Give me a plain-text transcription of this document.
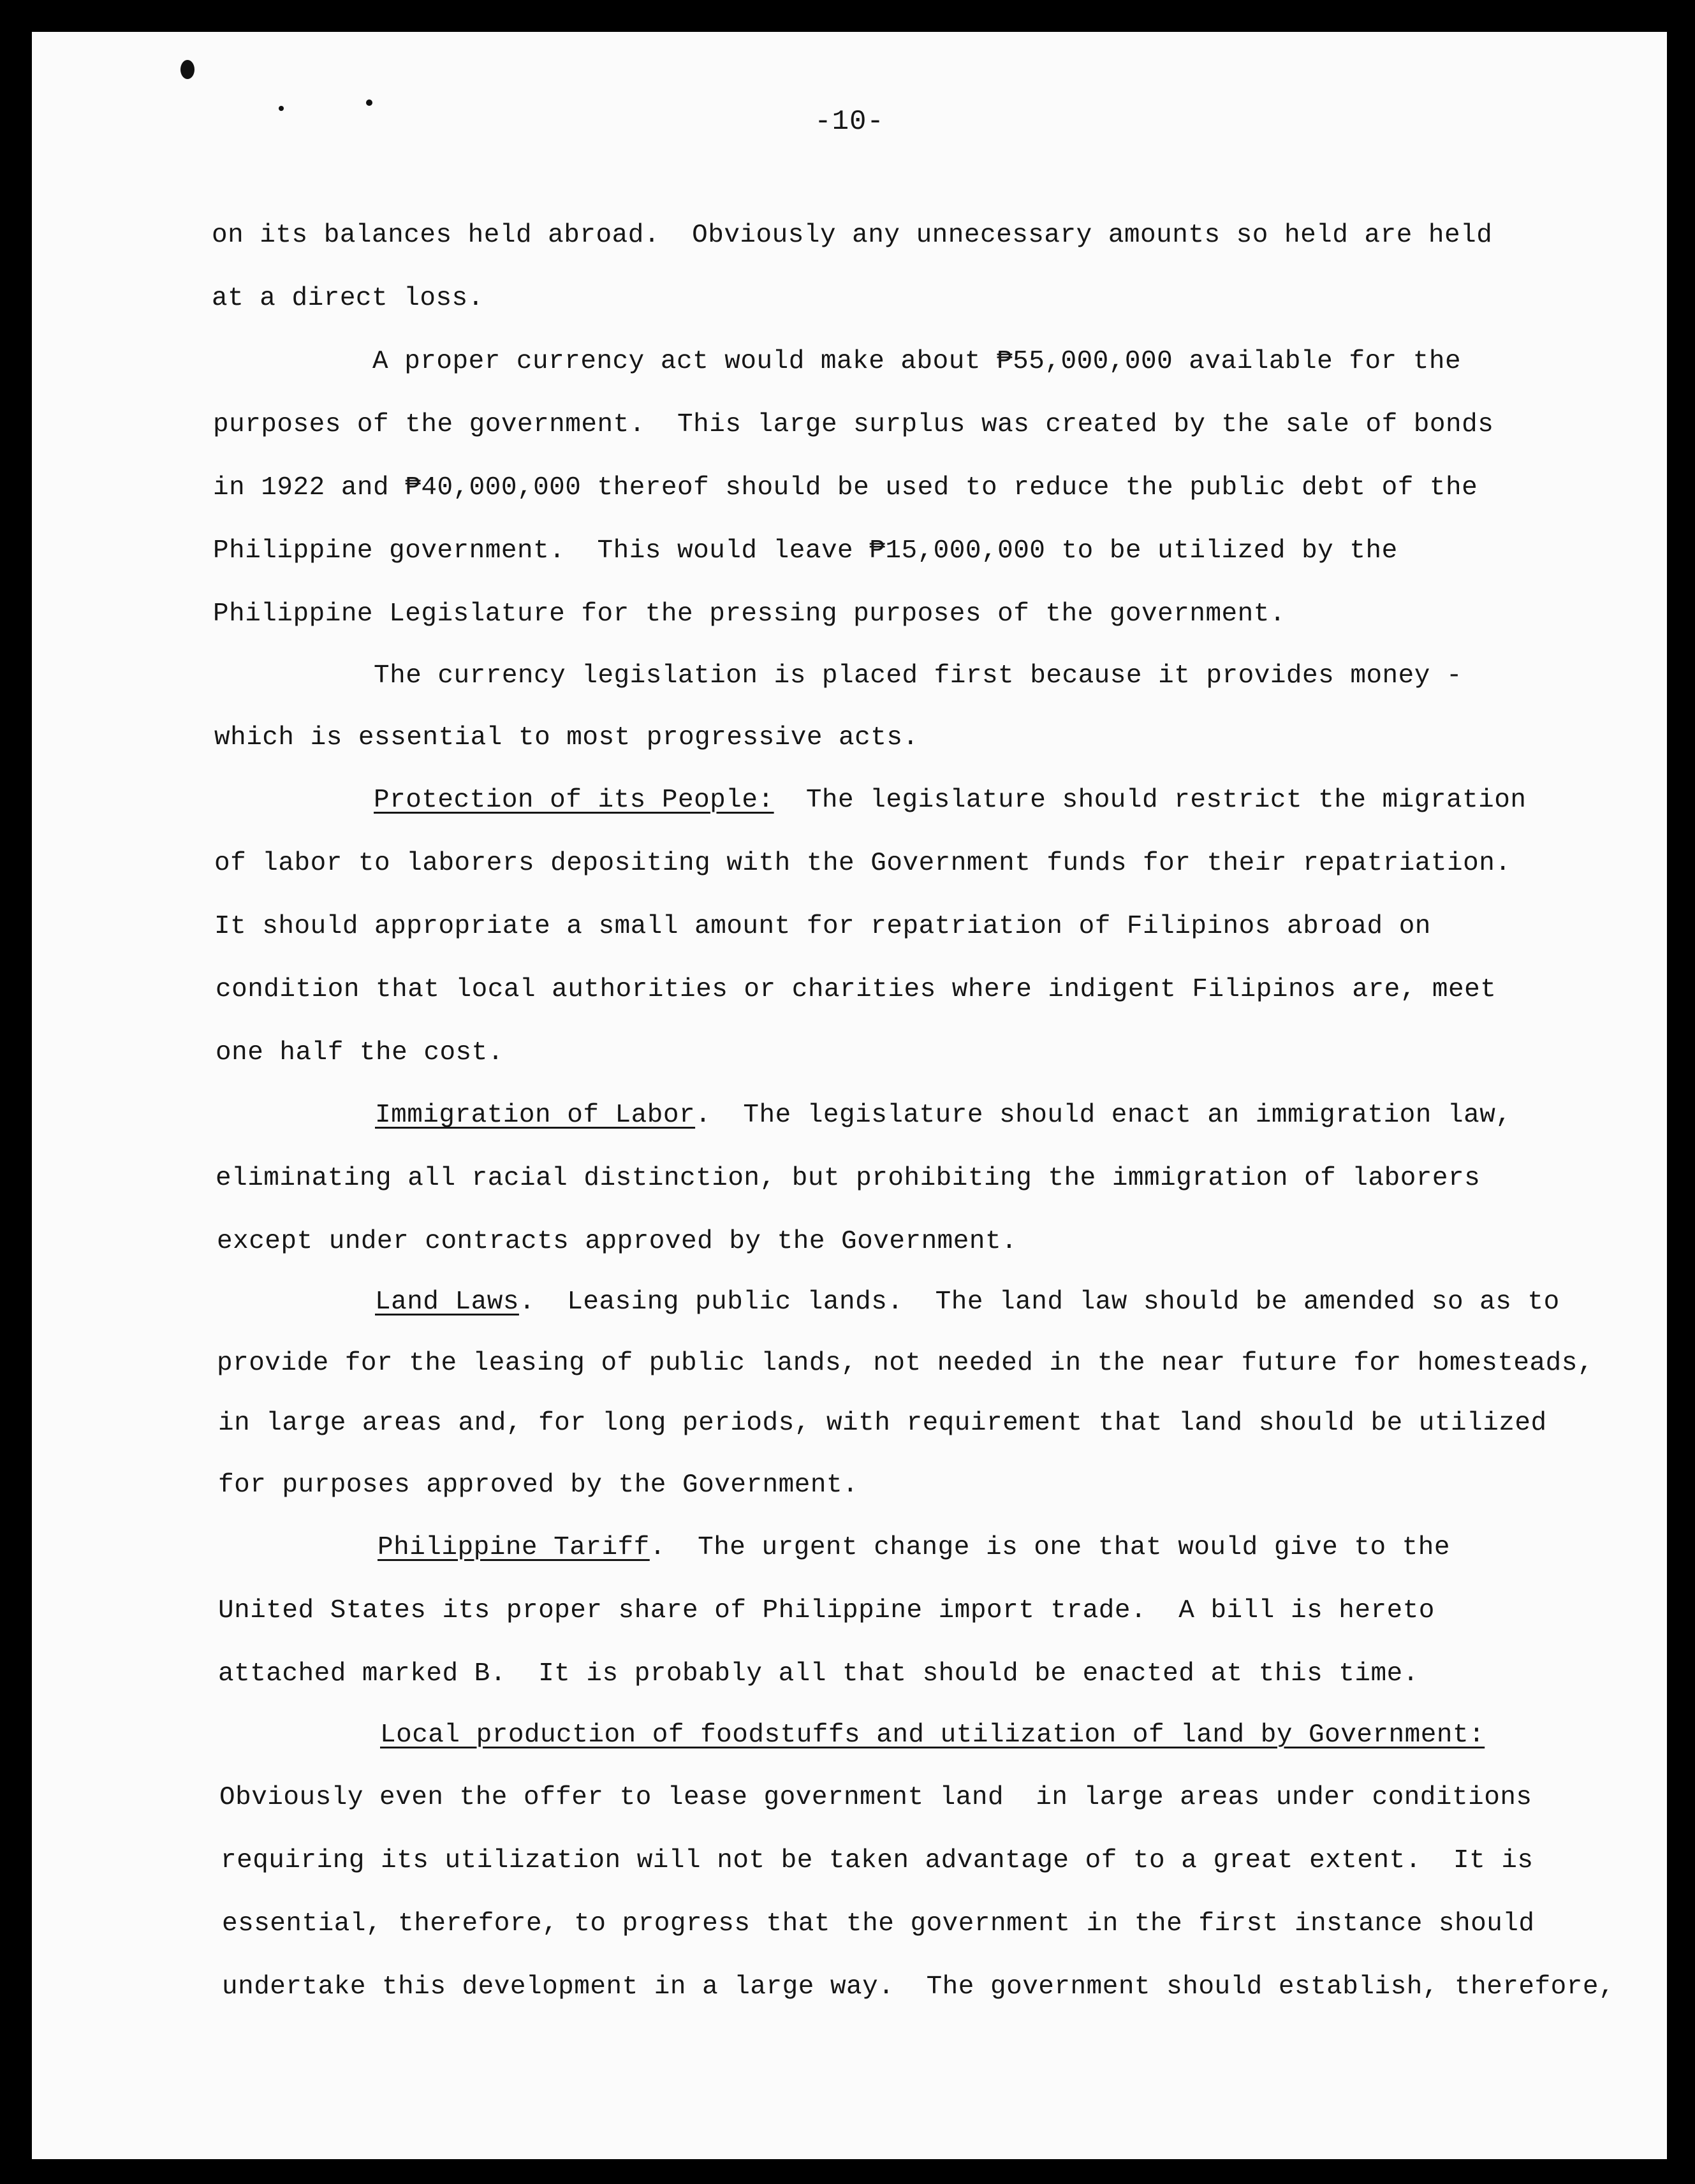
-10-
on its balances held abroad.  Obviously any unnecessary amounts so held are held
at a direct loss.
A proper currency act would make about ₱55,000,000 available for the
purposes of the government.  This large surplus was created by the sale of bonds
in 1922 and ₱40,000,000 thereof should be used to reduce the public debt of the
Philippine government.  This would leave ₱15,000,000 to be utilized by the
Philippine Legislature for the pressing purposes of the government.
The currency legislation is placed first because it provides money -
which is essential to most progressive acts.
Protection of its People:  The legislature should restrict the migration
of labor to laborers depositing with the Government funds for their repatriation.
It should appropriate a small amount for repatriation of Filipinos abroad on
condition that local authorities or charities where indigent Filipinos are, meet
one half the cost.
Immigration of Labor.  The legislature should enact an immigration law,
eliminating all racial distinction, but prohibiting the immigration of laborers
except under contracts approved by the Government.
Land Laws.  Leasing public lands.  The land law should be amended so as to
provide for the leasing of public lands, not needed in the near future for homesteads,
in large areas and, for long periods, with requirement that land should be utilized
for purposes approved by the Government.
Philippine Tariff.  The urgent change is one that would give to the
United States its proper share of Philippine import trade.  A bill is hereto
attached marked B.  It is probably all that should be enacted at this time.
Local production of foodstuffs and utilization of land by Government:
Obviously even the offer to lease government land  in large areas under conditions
requiring its utilization will not be taken advantage of to a great extent.  It is
essential, therefore, to progress that the government in the first instance should
undertake this development in a large way.  The government should establish, therefore,
